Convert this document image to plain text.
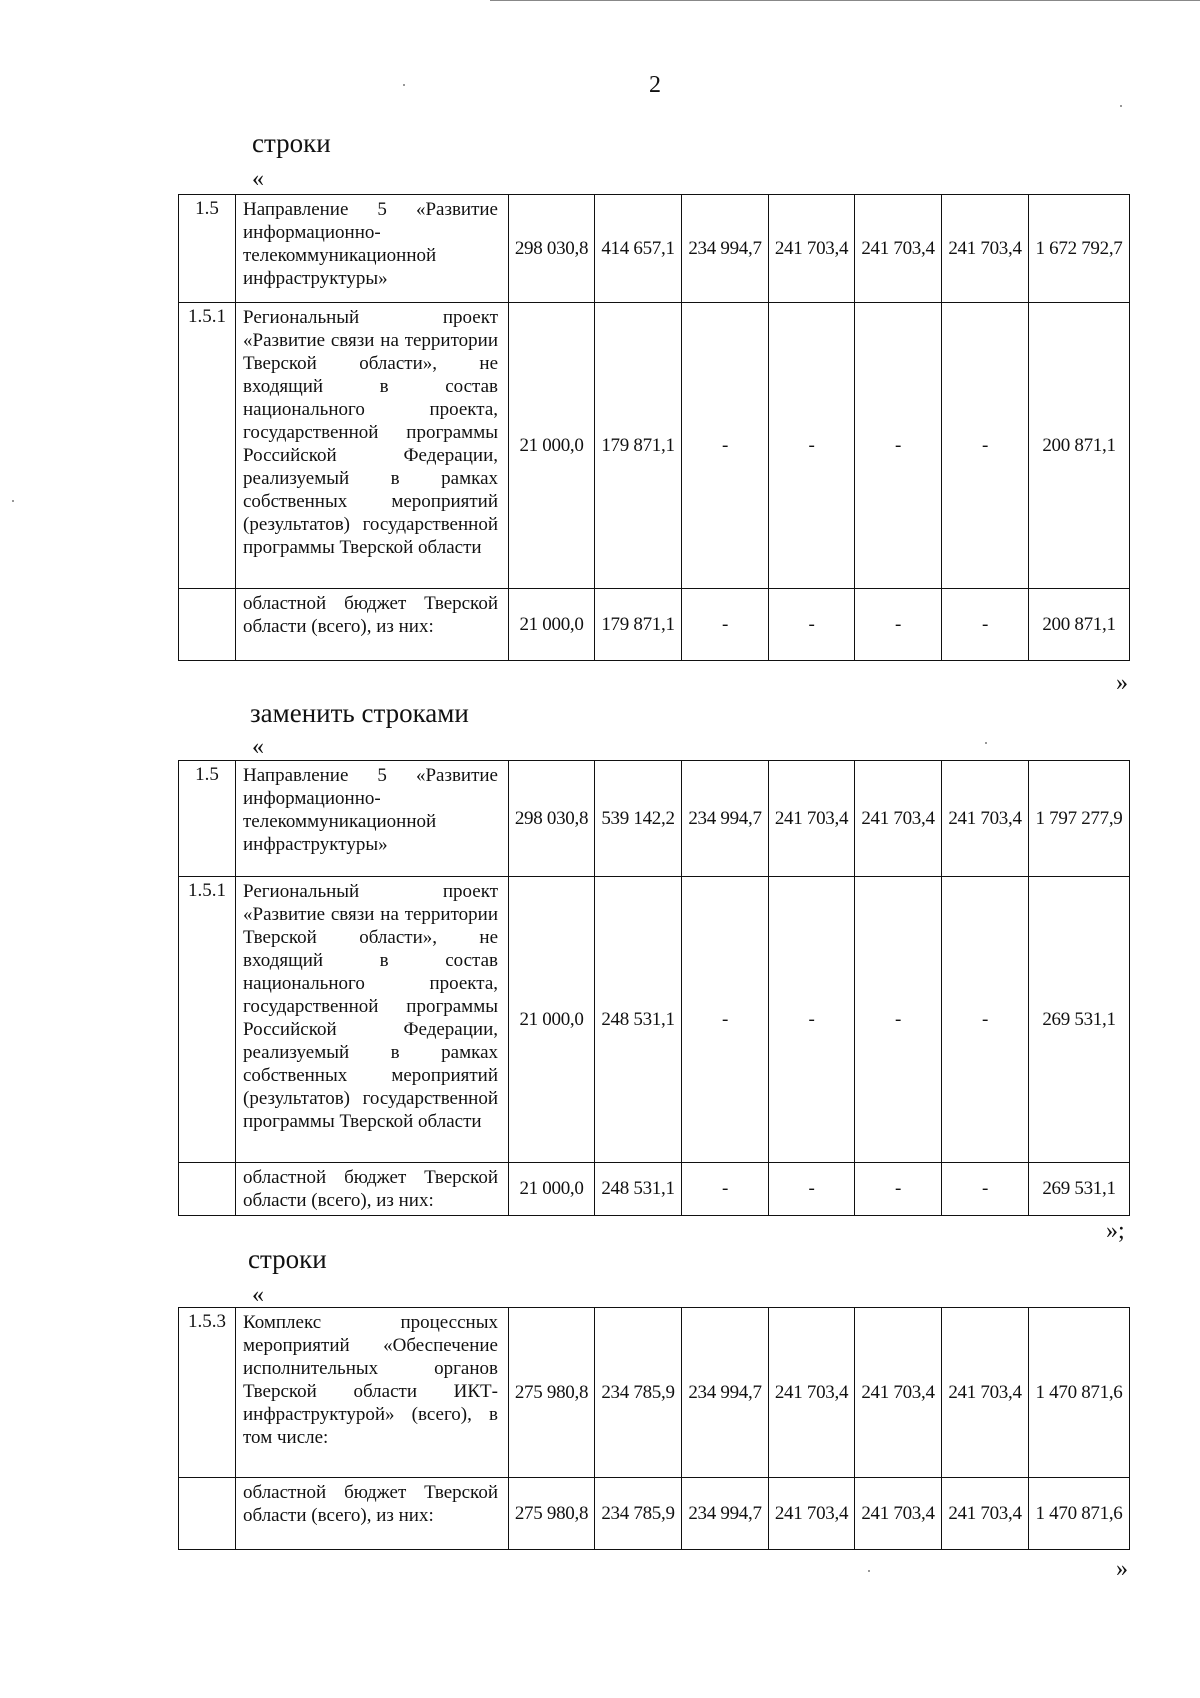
2
строки
«
1.5	Направление 5 «Развитие информационно-телекоммуникационной инфраструктуры»	298 030,8	414 657,1	234 994,7	241 703,4	241 703,4	241 703,4	1 672 792,7
1.5.1	Региональный проект «Развитие связи на территории Тверской области», не входящий в состав национального проекта, государственной программы Российской Федерации, реализуемый в рамках собственных мероприятий (результатов) государственной программы Тверской области	21 000,0	179 871,1	-	-	-	-	200 871,1
	областной бюджет Тверской области (всего), из них:	21 000,0	179 871,1	-	-	-	-	200 871,1
»
заменить строками
«
1.5	Направление 5 «Развитие информационно-телекоммуникационной инфраструктуры»	298 030,8	539 142,2	234 994,7	241 703,4	241 703,4	241 703,4	1 797 277,9
1.5.1	Региональный проект «Развитие связи на территории Тверской области», не входящий в состав национального проекта, государственной программы Российской Федерации, реализуемый в рамках собственных мероприятий (результатов) государственной программы Тверской области	21 000,0	248 531,1	-	-	-	-	269 531,1
	областной бюджет Тверской области (всего), из них:	21 000,0	248 531,1	-	-	-	-	269 531,1
»;
строки
«
1.5.3	Комплекс процессных мероприятий «Обеспечение исполнительных органов Тверской области ИКТ-инфраструктурой» (всего), в том числе:	275 980,8	234 785,9	234 994,7	241 703,4	241 703,4	241 703,4	1 470 871,6
	областной бюджет Тверской области (всего), из них:	275 980,8	234 785,9	234 994,7	241 703,4	241 703,4	241 703,4	1 470 871,6
»
